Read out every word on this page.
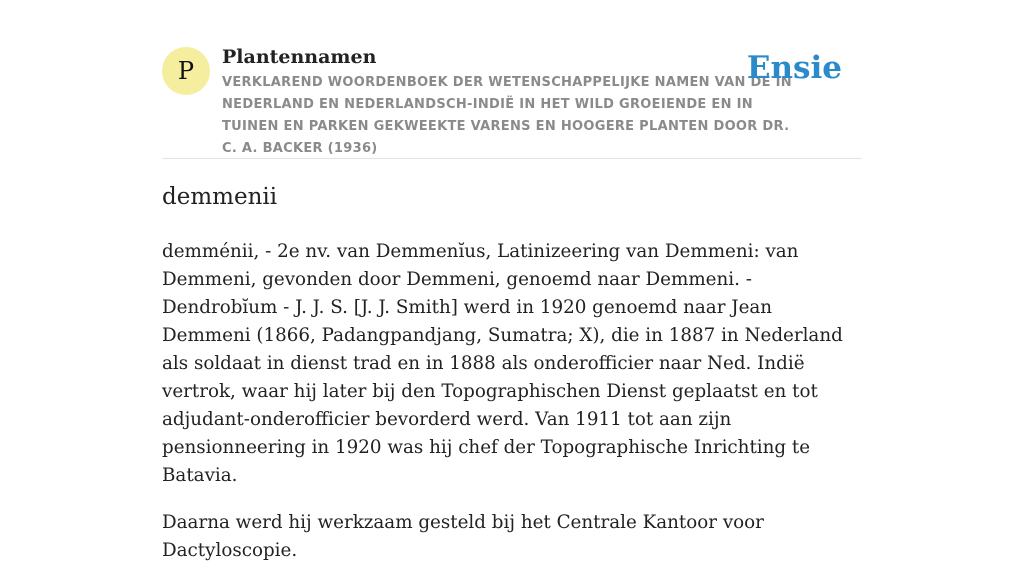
P Plantennamen

VERKLAREND WOORDENBOEK DER WETENSCHAPPELIJKE NAMEN VAN DE IN NEDERLAND EN NEDERLANDSCH-INDIË IN HET WILD GROEIENDE EN IN TUINEN EN PARKEN GEKWEEKTE VARENS EN HOOGERE PLANTEN DOOR DR. C. A. BACKER (1936)

Ensie
demmenii

demménii, - 2e nv. van Demmenĭus, Latinizeering van Demmeni: van Demmeni, gevonden door Demmeni, genoemd naar Demmeni. - Dendrobĭum - J. J. S. [J. J. Smith] werd in 1920 genoemd naar Jean Demmeni (1866, Padangpandjang, Sumatra; X), die in 1887 in Nederland als soldaat in dienst trad en in 1888 als onderofficier naar Ned. Indië vertrok, waar hij later bij den Topographischen Dienst geplaatst en tot adjudant-onderofficier bevorderd werd. Van 1911 tot aan zijn pensionneering in 1920 was hij chef der Topographische Inrichting te Batavia.

Daarna werd hij werkzaam gesteld bij het Centrale Kantoor voor Dactyloscopie.
